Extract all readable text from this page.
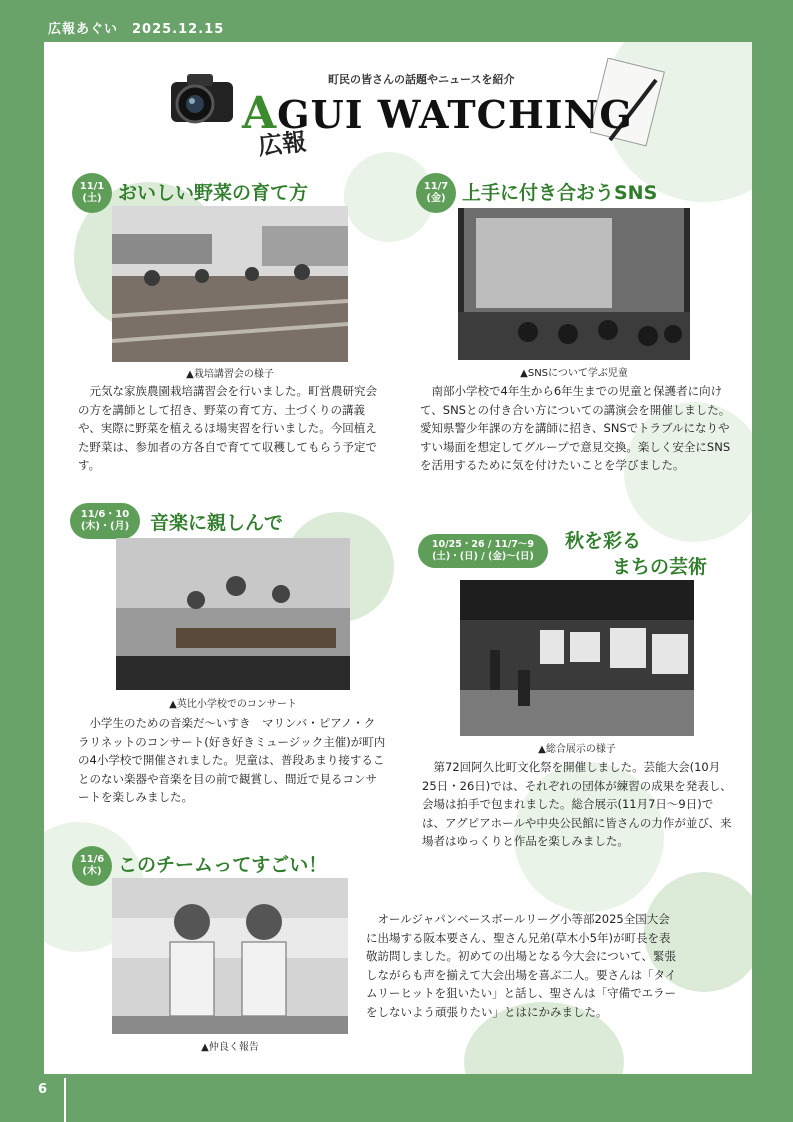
広報あぐい　2025.12.15
町民の皆さんの話題やニュースを紹介
AGUI WATCHING
広報
11/1
(土) おいしい野菜の育て方
▲栽培講習会の様子
元気な家族農園栽培講習会を行いました。町営農研究会の方を講師として招き、野菜の育て方、土づくりの講義や、実際に野菜を植えるほ場実習を行いました。今回植えた野菜は、参加者の方各自で育てて収穫してもらう予定です。
11/7
(金) 上手に付き合おうSNS
▲SNSについて学ぶ児童
南部小学校で4年生から6年生までの児童と保護者に向けて、SNSとの付き合い方についての講演会を開催しました。愛知県警少年課の方を講師に招き、SNSでトラブルになりやすい場面を想定してグループで意見交換。楽しく安全にSNSを活用するために気を付けたいことを学びました。
11/6・10
(木)・(月) 音楽に親しんで
▲英比小学校でのコンサート
小学生のための音楽だ～いすき　マリンバ・ピアノ・クラリネットのコンサート(好き好きミュージック主催)が町内の4小学校で開催されました。児童は、普段あまり接することのない楽器や音楽を目の前で観賞し、間近で見るコンサートを楽しみました。
10/25・26 / 11/7～9
(土)・(日) / (金)～(日)
秋を彩る
まちの芸術
▲総合展示の様子
第72回阿久比町文化祭を開催しました。芸能大会(10月25日・26日)では、それぞれの団体が練習の成果を発表し、会場は拍手で包まれました。総合展示(11月7日～9日)では、アグピアホールや中央公民館に皆さんの力作が並び、来場者はゆっくりと作品を楽しみました。
11/6
(木) このチームってすごい！
▲仲良く報告
オールジャパンベースボールリーグ小等部2025全国大会に出場する阪本要さん、聖さん兄弟(草木小5年)が町長を表敬訪問しました。初めての出場となる今大会について、緊張しながらも声を揃えて大会出場を喜ぶ二人。要さんは「タイムリーヒットを狙いたい」と話し、聖さんは「守備でエラーをしないよう頑張りたい」とはにかみました。
6
